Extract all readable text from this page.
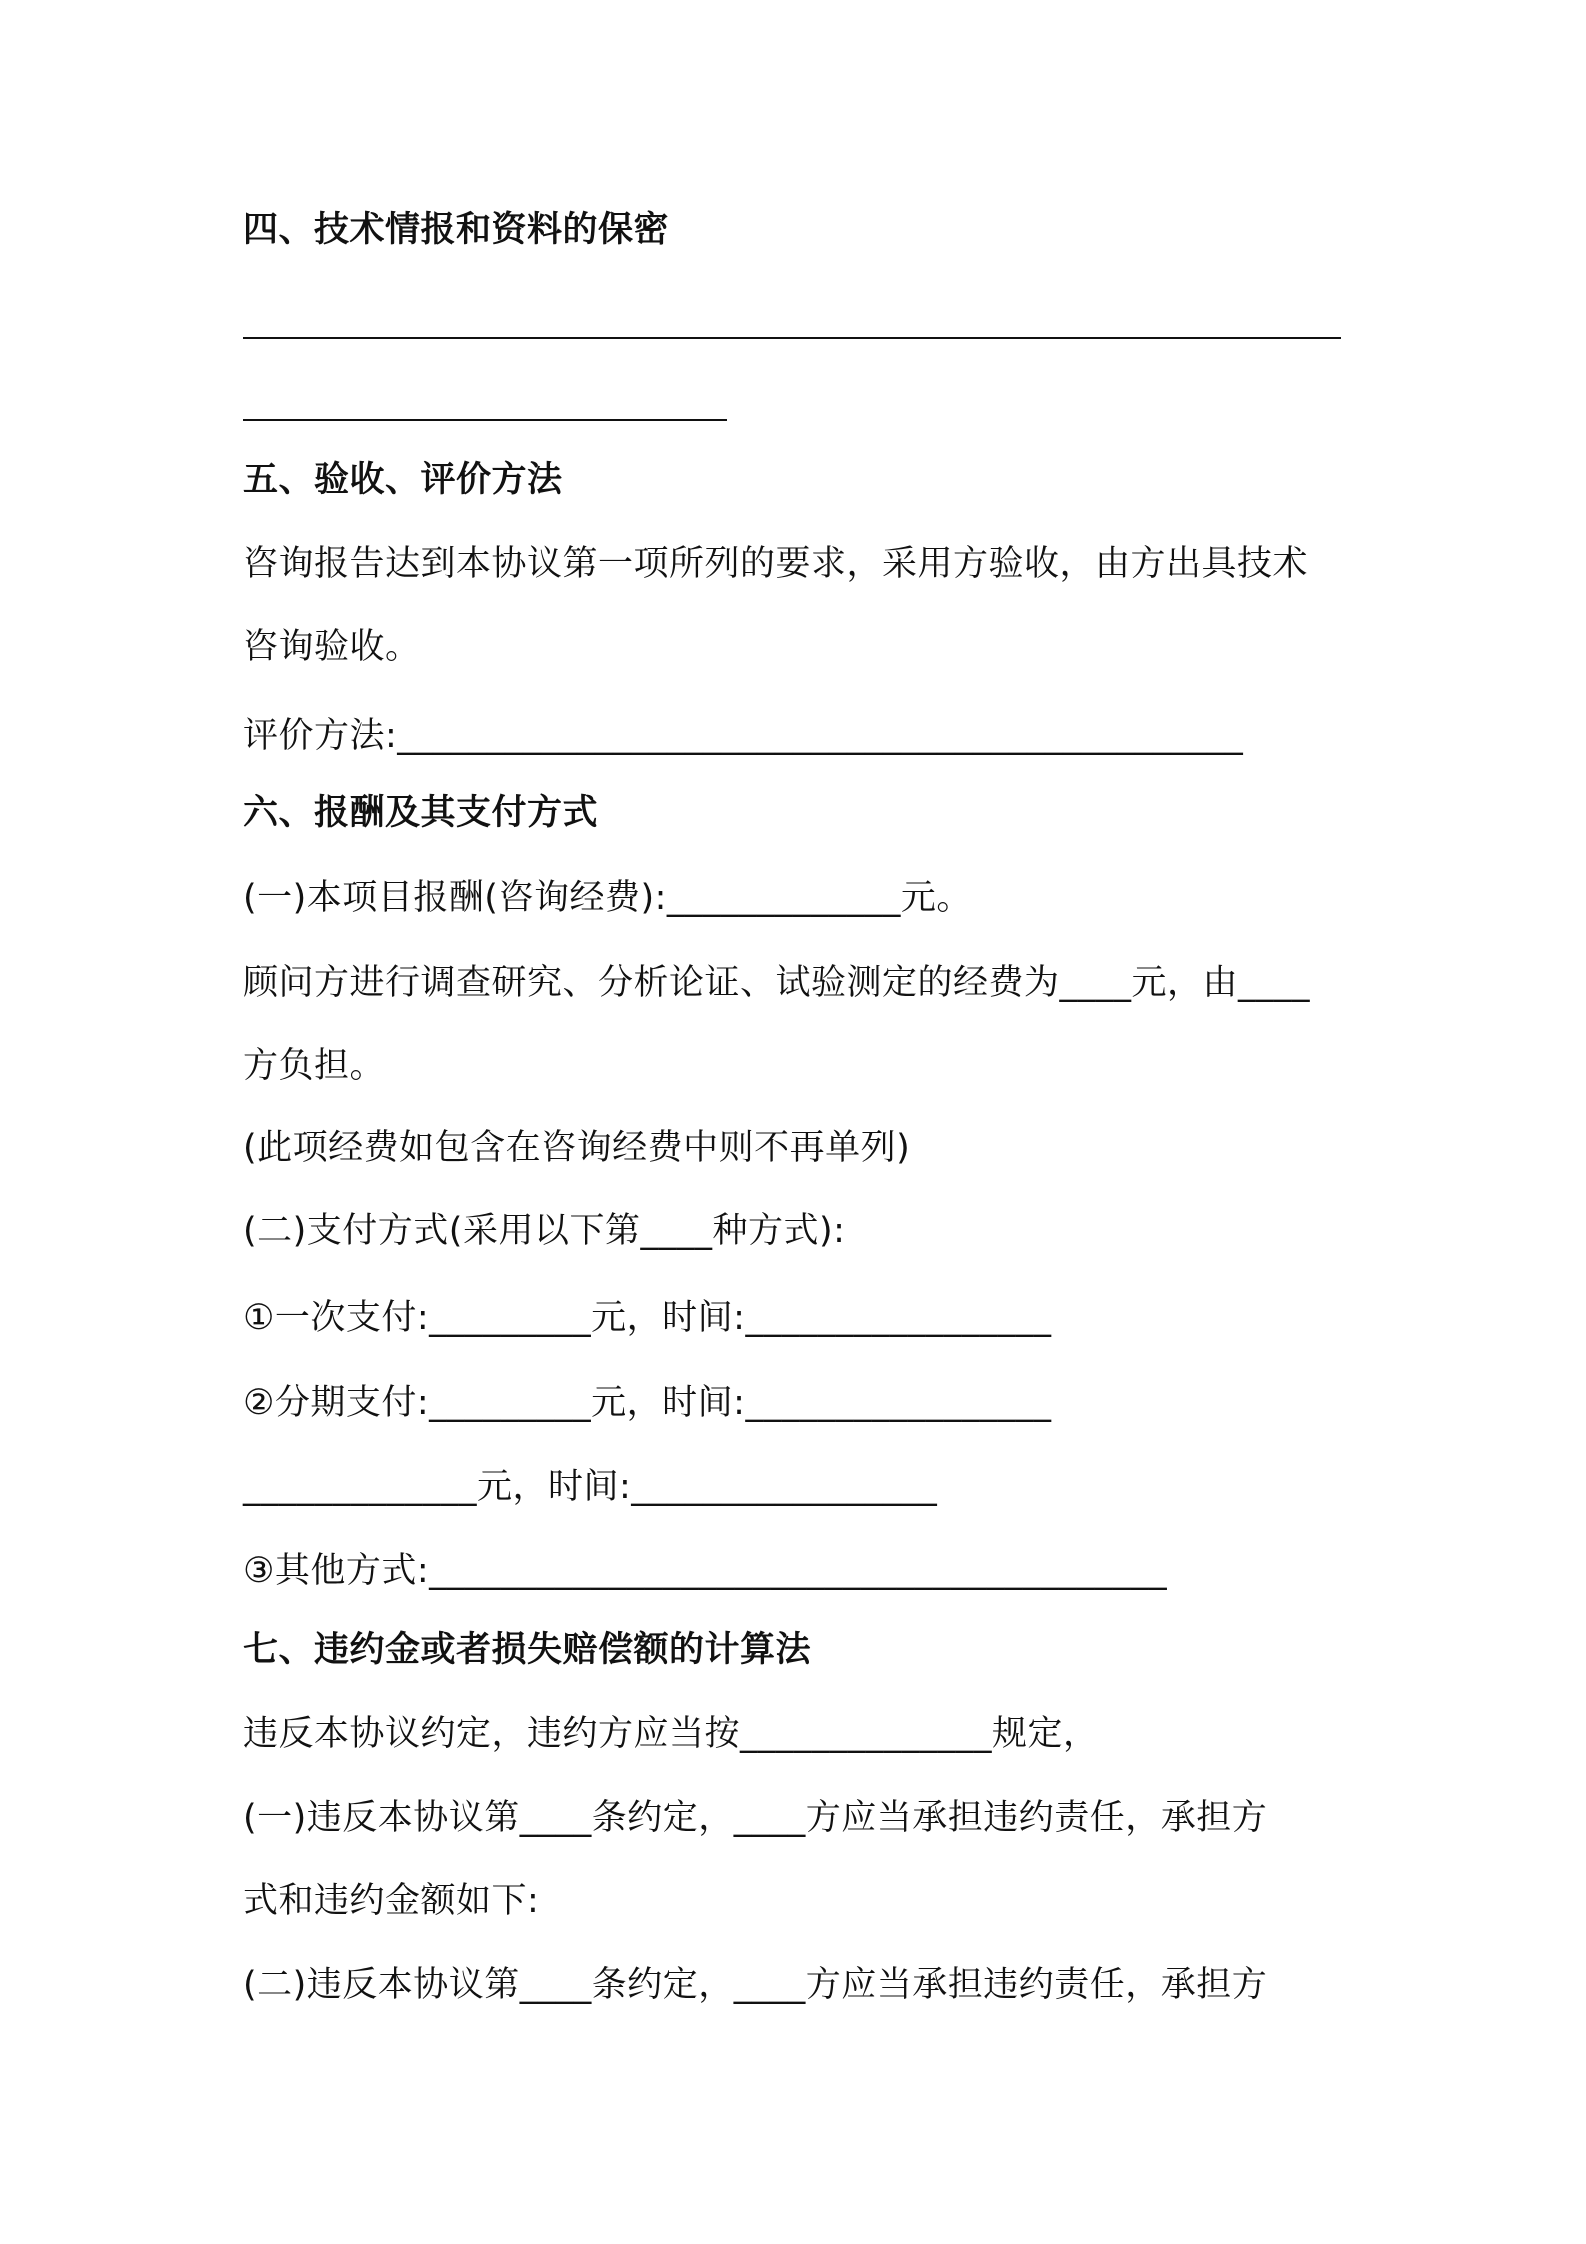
四、技术情报和资料的保密
五、验收、评价方法
咨询报告达到本协议第一项所列的要求，采用方验收，由方出具技术
咨询验收。
评价方法:_______________________________________________
六、报酬及其支付方式
(一)本项目报酬(咨询经费):_____________元。
顾问方进行调查研究、分析论证、试验测定的经费为____元，由____
方负担。
(此项经费如包含在咨询经费中则不再单列)
(二)支付方式(采用以下第____种方式):
①一次支付:_________元，时间:_________________
②分期支付:_________元，时间:_________________
_____________元，时间:_________________
③其他方式:_________________________________________
七、违约金或者损失赔偿额的计算法
违反本协议约定，违约方应当按______________规定，
(一)违反本协议第____条约定，____方应当承担违约责任，承担方
式和违约金额如下:
(二)违反本协议第____条约定，____方应当承担违约责任，承担方
